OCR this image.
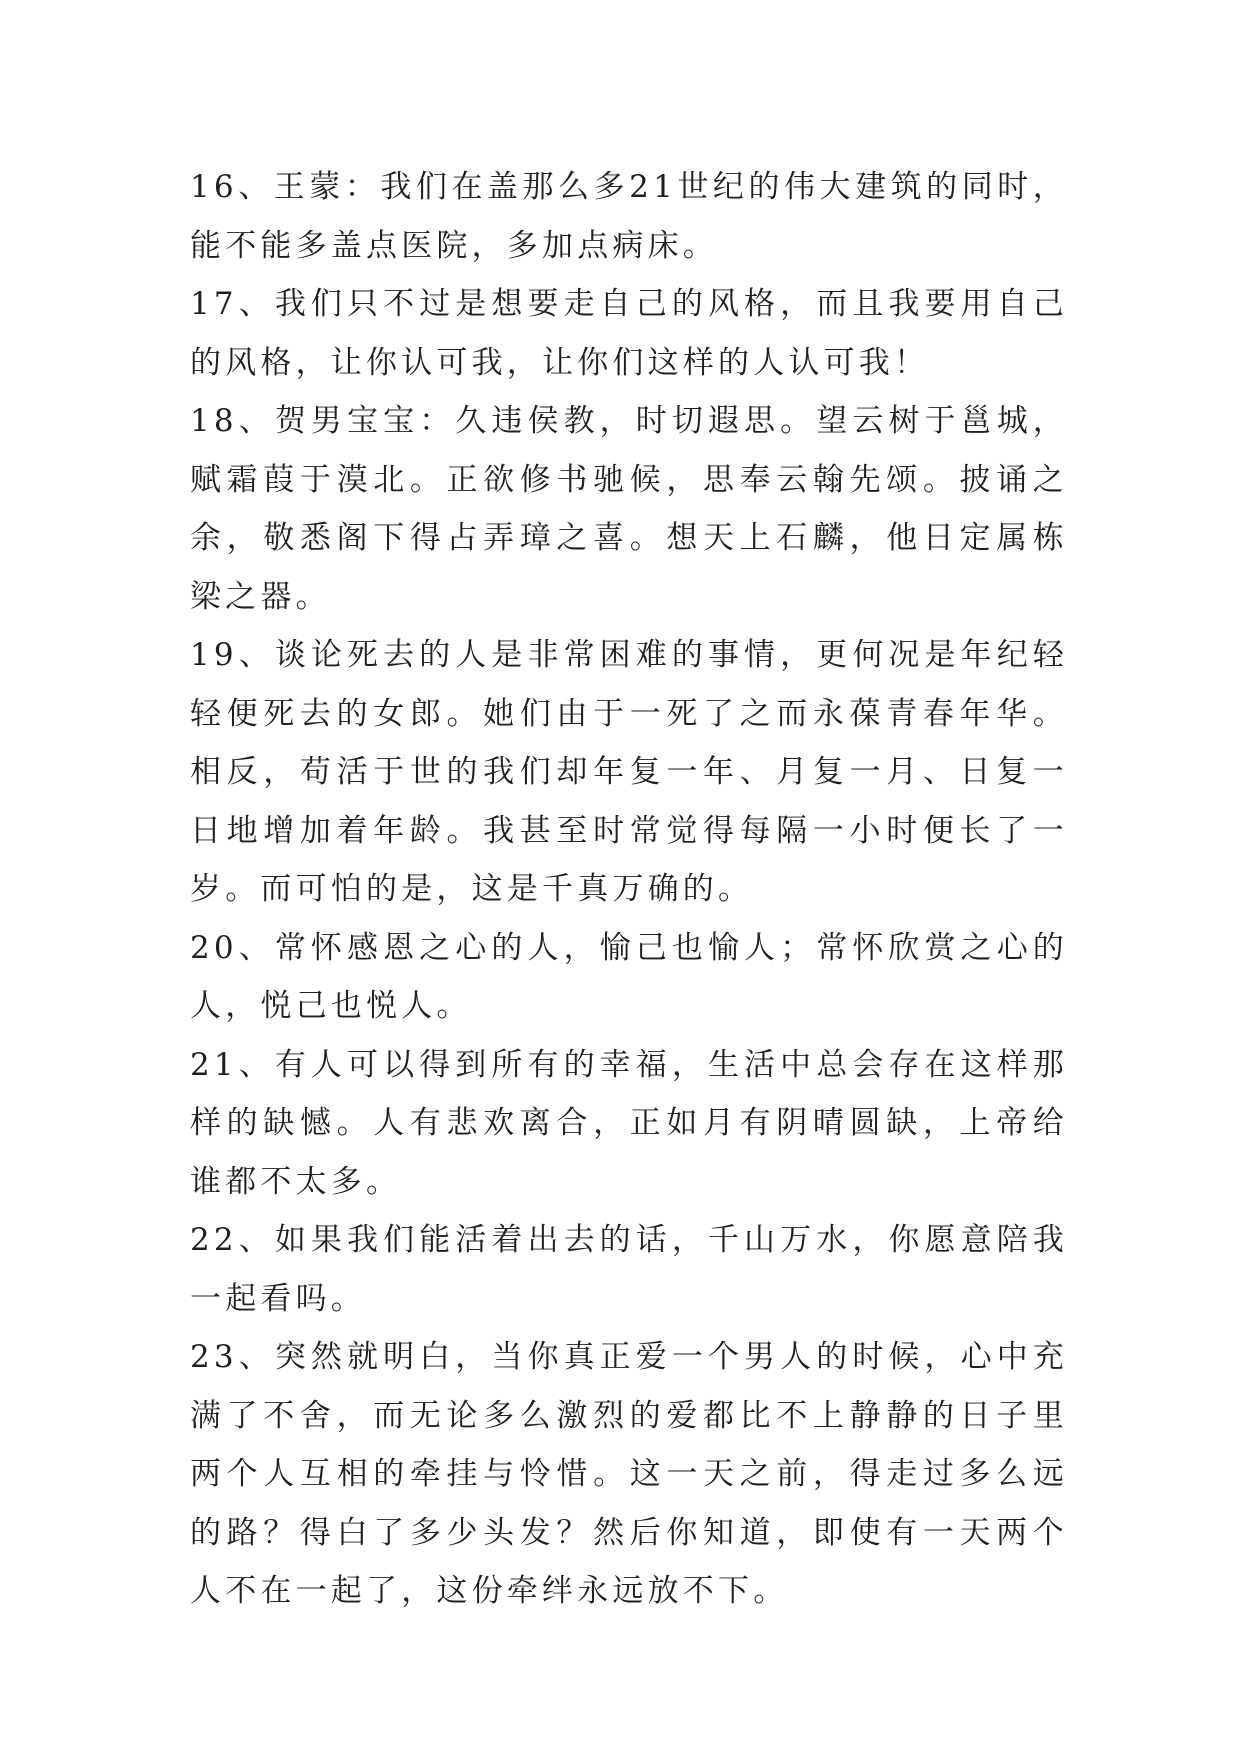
16、王蒙：我们在盖那么多21世纪的伟大建筑的同时，能不能多盖点医院，多加点病床。

17、我们只不过是想要走自己的风格，而且我要用自己的风格，让你认可我，让你们这样的人认可我！

18、贺男宝宝：久违侯教，时切遐思。望云树于邕城，赋霜葭于漠北。正欲修书驰候，思奉云翰先颂。披诵之余，敬悉阁下得占弄璋之喜。想天上石麟，他日定属栋梁之器。

19、谈论死去的人是非常困难的事情，更何况是年纪轻轻便死去的女郎。她们由于一死了之而永葆青春年华。相反，苟活于世的我们却年复一年、月复一月、日复一日地增加着年龄。我甚至时常觉得每隔一小时便长了一岁。而可怕的是，这是千真万确的。

20、常怀感恩之心的人，愉己也愉人；常怀欣赏之心的人，悦己也悦人。

21、有人可以得到所有的幸福，生活中总会存在这样那样的缺憾。人有悲欢离合，正如月有阴晴圆缺，上帝给谁都不太多。

22、如果我们能活着出去的话，千山万水，你愿意陪我一起看吗。

23、突然就明白，当你真正爱一个男人的时候，心中充满了不舍，而无论多么激烈的爱都比不上静静的日子里两个人互相的牵挂与怜惜。这一天之前，得走过多么远的路？得白了多少头发？然后你知道，即使有一天两个人不在一起了，这份牵绊永远放不下。
